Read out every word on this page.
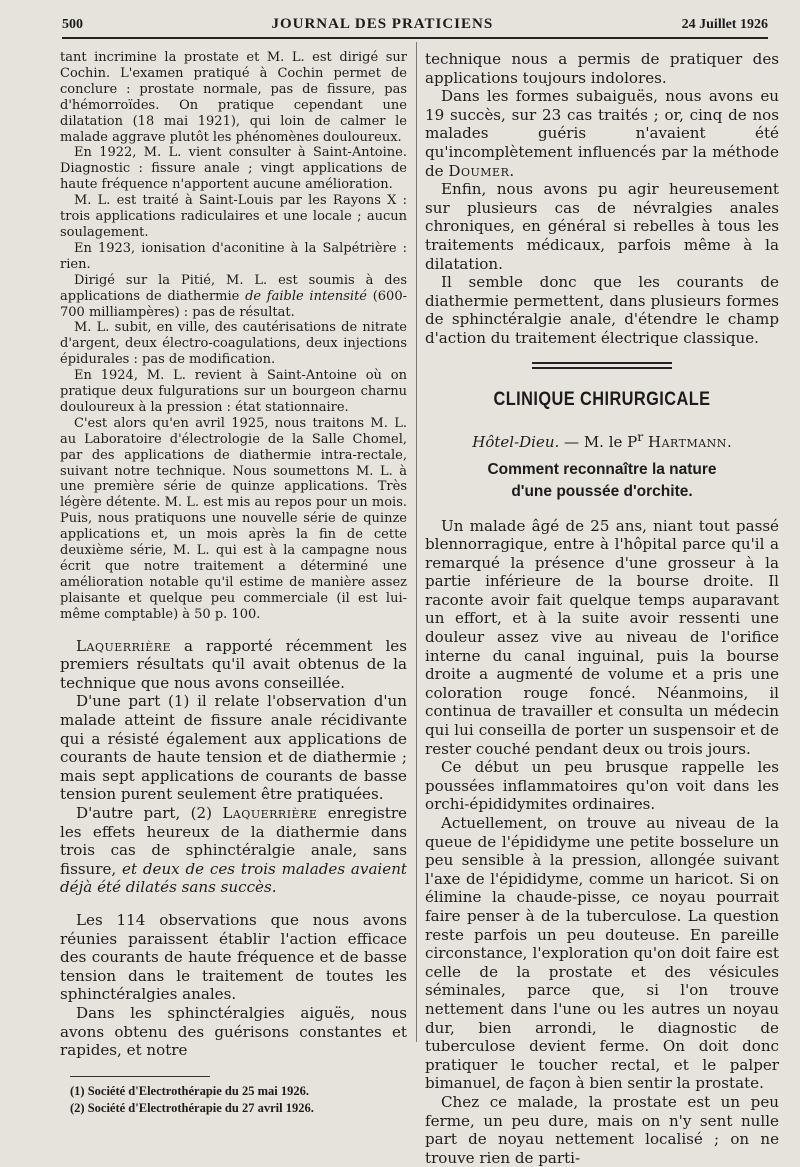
500	JOURNAL DES PRATICIENS	24 Juillet 1926

tant incrimine la prostate et M. L. est dirigé sur Cochin. L'examen pratiqué à Cochin permet de conclure : prostate normale, pas de fissure, pas d'hémorroïdes. On pratique cependant une dilatation (18 mai 1921), qui loin de calmer le malade aggrave plutôt les phénomènes douloureux.

En 1922, M. L. vient consulter à Saint-Antoine. Diagnostic : fissure anale ; vingt applications de haute fréquence n'apportent aucune amélioration.

M. L. est traité à Saint-Louis par les Rayons X : trois applications radiculaires et une locale ; aucun soulagement.

En 1923, ionisation d'aconitine à la Salpétrière : rien.

Dirigé sur la Pitié, M. L. est soumis à des applications de diathermie de faible intensité (600-700 milliampères) : pas de résultat.

M. L. subit, en ville, des cautérisations de nitrate d'argent, deux électro-coagulations, deux injections épidurales : pas de modification.

En 1924, M. L. revient à Saint-Antoine où on pratique deux fulgurations sur un bourgeon charnu douloureux à la pression : état stationnaire.

C'est alors qu'en avril 1925, nous traitons M. L. au Laboratoire d'électrologie de la Salle Chomel, par des applications de diathermie intra-rectale, suivant notre technique. Nous soumettons M. L. à une première série de quinze applications. Très légère détente. M. L. est mis au repos pour un mois. Puis, nous pratiquons une nouvelle série de quinze applications et, un mois après la fin de cette deuxième série, M. L. qui est à la campagne nous écrit que notre traitement a déterminé une amélioration notable qu'il estime de manière assez plaisante et quelque peu commerciale (il est lui-même comptable) à 50 p. 100.

Laquerrière a rapporté récemment les premiers résultats qu'il avait obtenus de la technique que nous avons conseillée.

D'une part (1) il relate l'observation d'un malade atteint de fissure anale récidivante qui a résisté également aux applications de courants de haute tension et de diathermie ; mais sept applications de courants de basse tension purent seulement être pratiquées.

D'autre part, (2) Laquerrière enregistre les effets heureux de la diathermie dans trois cas de sphinctéralgie anale, sans fissure, et deux de ces trois malades avaient déjà été dilatés sans succès.

Les 114 observations que nous avons réunies paraissent établir l'action efficace des courants de haute fréquence et de basse tension dans le traitement de toutes les sphinctéralgies anales.

Dans les sphinctéralgies aiguës, nous avons obtenu des guérisons constantes et rapides, et notre

(1) Société d'Electrothérapie du 25 mai 1926.
(2) Société d'Electrothérapie du 27 avril 1926.

technique nous a permis de pratiquer des applications toujours indolores.

Dans les formes subaiguës, nous avons eu 19 succès, sur 23 cas traités ; or, cinq de nos malades guéris n'avaient été qu'incomplètement influencés par la méthode de Doumer.

Enfin, nous avons pu agir heureusement sur plusieurs cas de névralgies anales chroniques, en général si rebelles à tous les traitements médicaux, parfois même à la dilatation.

Il semble donc que les courants de diathermie permettent, dans plusieurs formes de sphinctéralgie anale, d'étendre le champ d'action du traitement électrique classique.

CLINIQUE CHIRURGICALE
Hôtel-Dieu. — M. le $P^r$ Hartmann.
Comment reconnaître la nature
d'une poussée d'orchite.

Un malade âgé de 25 ans, niant tout passé blennorragique, entre à l'hôpital parce qu'il a remarqué la présence d'une grosseur à la partie inférieure de la bourse droite. Il raconte avoir fait quelque temps auparavant un effort, et à la suite avoir ressenti une douleur assez vive au niveau de l'orifice interne du canal inguinal, puis la bourse droite a augmenté de volume et a pris une coloration rouge foncé. Néanmoins, il continua de travailler et consulta un médecin qui lui conseilla de porter un suspensoir et de rester couché pendant deux ou trois jours.

Ce début un peu brusque rappelle les poussées inflammatoires qu'on voit dans les orchi-épididymites ordinaires.

Actuellement, on trouve au niveau de la queue de l'épididyme une petite bosselure un peu sensible à la pression, allongée suivant l'axe de l'épididyme, comme un haricot. Si on élimine la chaude-pisse, ce noyau pourrait faire penser à de la tuberculose. La question reste parfois un peu douteuse. En pareille circonstance, l'exploration qu'on doit faire est celle de la prostate et des vésicules séminales, parce que, si l'on trouve nettement dans l'une ou les autres un noyau dur, bien arrondi, le diagnostic de tuberculose devient ferme. On doit donc pratiquer le toucher rectal, et le palper bimanuel, de façon à bien sentir la prostate.

Chez ce malade, la prostate est un peu ferme, un peu dure, mais on n'y sent nulle part de noyau nettement localisé ; on ne trouve rien de parti-
